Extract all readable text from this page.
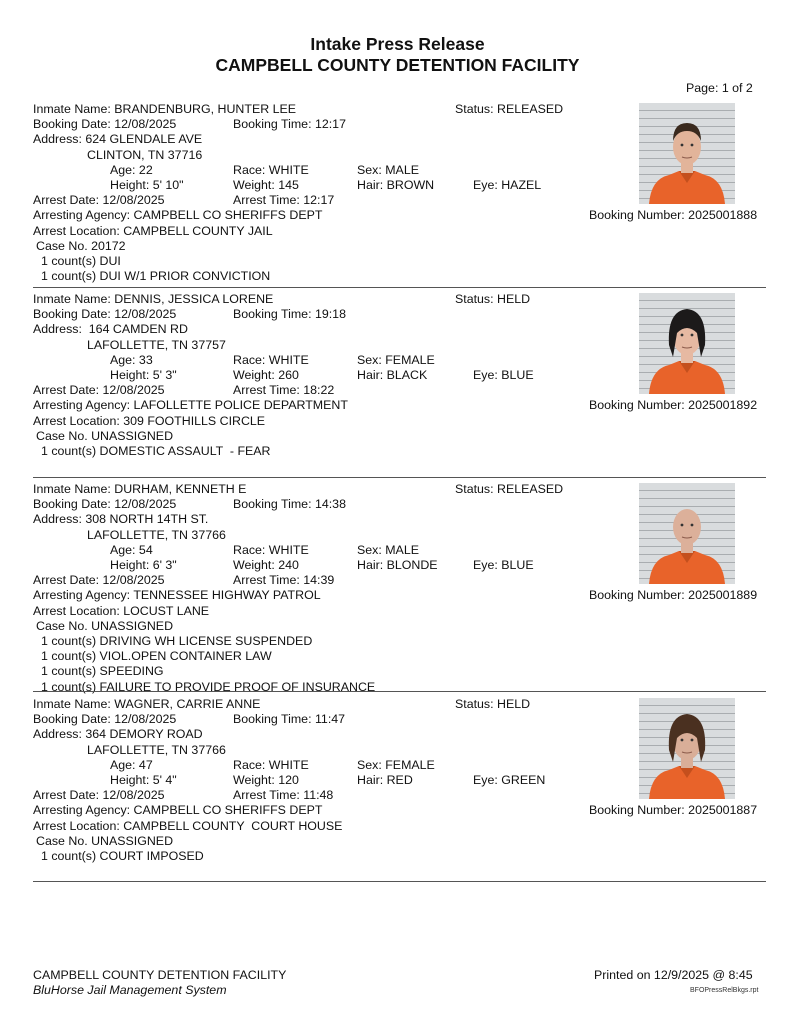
Intake Press Release
CAMPBELL COUNTY DETENTION FACILITY
Page: 1 of 2
Inmate Name: BRANDENBURG, HUNTER LEE	Status: RELEASED
Booking Date: 12/08/2025	Booking Time: 12:17
Address: 624 GLENDALE AVE
CLINTON, TN 37716
Age: 22	Race: WHITE	Sex: MALE
Height: 5' 10"	Weight: 145	Hair: BROWN	Eye: HAZEL
Arrest Date: 12/08/2025	Arrest Time: 12:17
Arresting Agency: CAMPBELL CO SHERIFFS DEPT	Booking Number: 2025001888
Arrest Location: CAMPBELL COUNTY JAIL
Case No. 20172
1 count(s) DUI
1 count(s) DUI W/1 PRIOR CONVICTION
Inmate Name: DENNIS, JESSICA LORENE	Status: HELD
Booking Date: 12/08/2025	Booking Time: 19:18
Address:  164 CAMDEN RD
LAFOLLETTE, TN 37757
Age: 33	Race: WHITE	Sex: FEMALE
Height: 5' 3"	Weight: 260	Hair: BLACK	Eye: BLUE
Arrest Date: 12/08/2025	Arrest Time: 18:22
Arresting Agency: LAFOLLETTE POLICE DEPARTMENT	Booking Number: 2025001892
Arrest Location: 309 FOOTHILLS CIRCLE
Case No. UNASSIGNED
1 count(s) DOMESTIC ASSAULT  - FEAR
Inmate Name: DURHAM, KENNETH E	Status: RELEASED
Booking Date: 12/08/2025	Booking Time: 14:38
Address: 308 NORTH 14TH ST.
LAFOLLETTE, TN 37766
Age: 54	Race: WHITE	Sex: MALE
Height: 6' 3"	Weight: 240	Hair: BLONDE	Eye: BLUE
Arrest Date: 12/08/2025	Arrest Time: 14:39
Arresting Agency: TENNESSEE HIGHWAY PATROL	Booking Number: 2025001889
Arrest Location: LOCUST LANE
Case No. UNASSIGNED
1 count(s) DRIVING WH LICENSE SUSPENDED
1 count(s) VIOL.OPEN CONTAINER LAW
1 count(s) SPEEDING
1 count(s) FAILURE TO PROVIDE PROOF OF INSURANCE
Inmate Name: WAGNER, CARRIE ANNE	Status: HELD
Booking Date: 12/08/2025	Booking Time: 11:47
Address: 364 DEMORY ROAD
LAFOLLETTE, TN 37766
Age: 47	Race: WHITE	Sex: FEMALE
Height: 5' 4"	Weight: 120	Hair: RED	Eye: GREEN
Arrest Date: 12/08/2025	Arrest Time: 11:48
Arresting Agency: CAMPBELL CO SHERIFFS DEPT	Booking Number: 2025001887
Arrest Location: CAMPBELL COUNTY  COURT HOUSE
Case No. UNASSIGNED
1 count(s) COURT IMPOSED
CAMPBELL COUNTY DETENTION FACILITY
BluHorse Jail Management System
Printed on 12/9/2025 @ 8:45
BFOPressRelBkgs.rpt
